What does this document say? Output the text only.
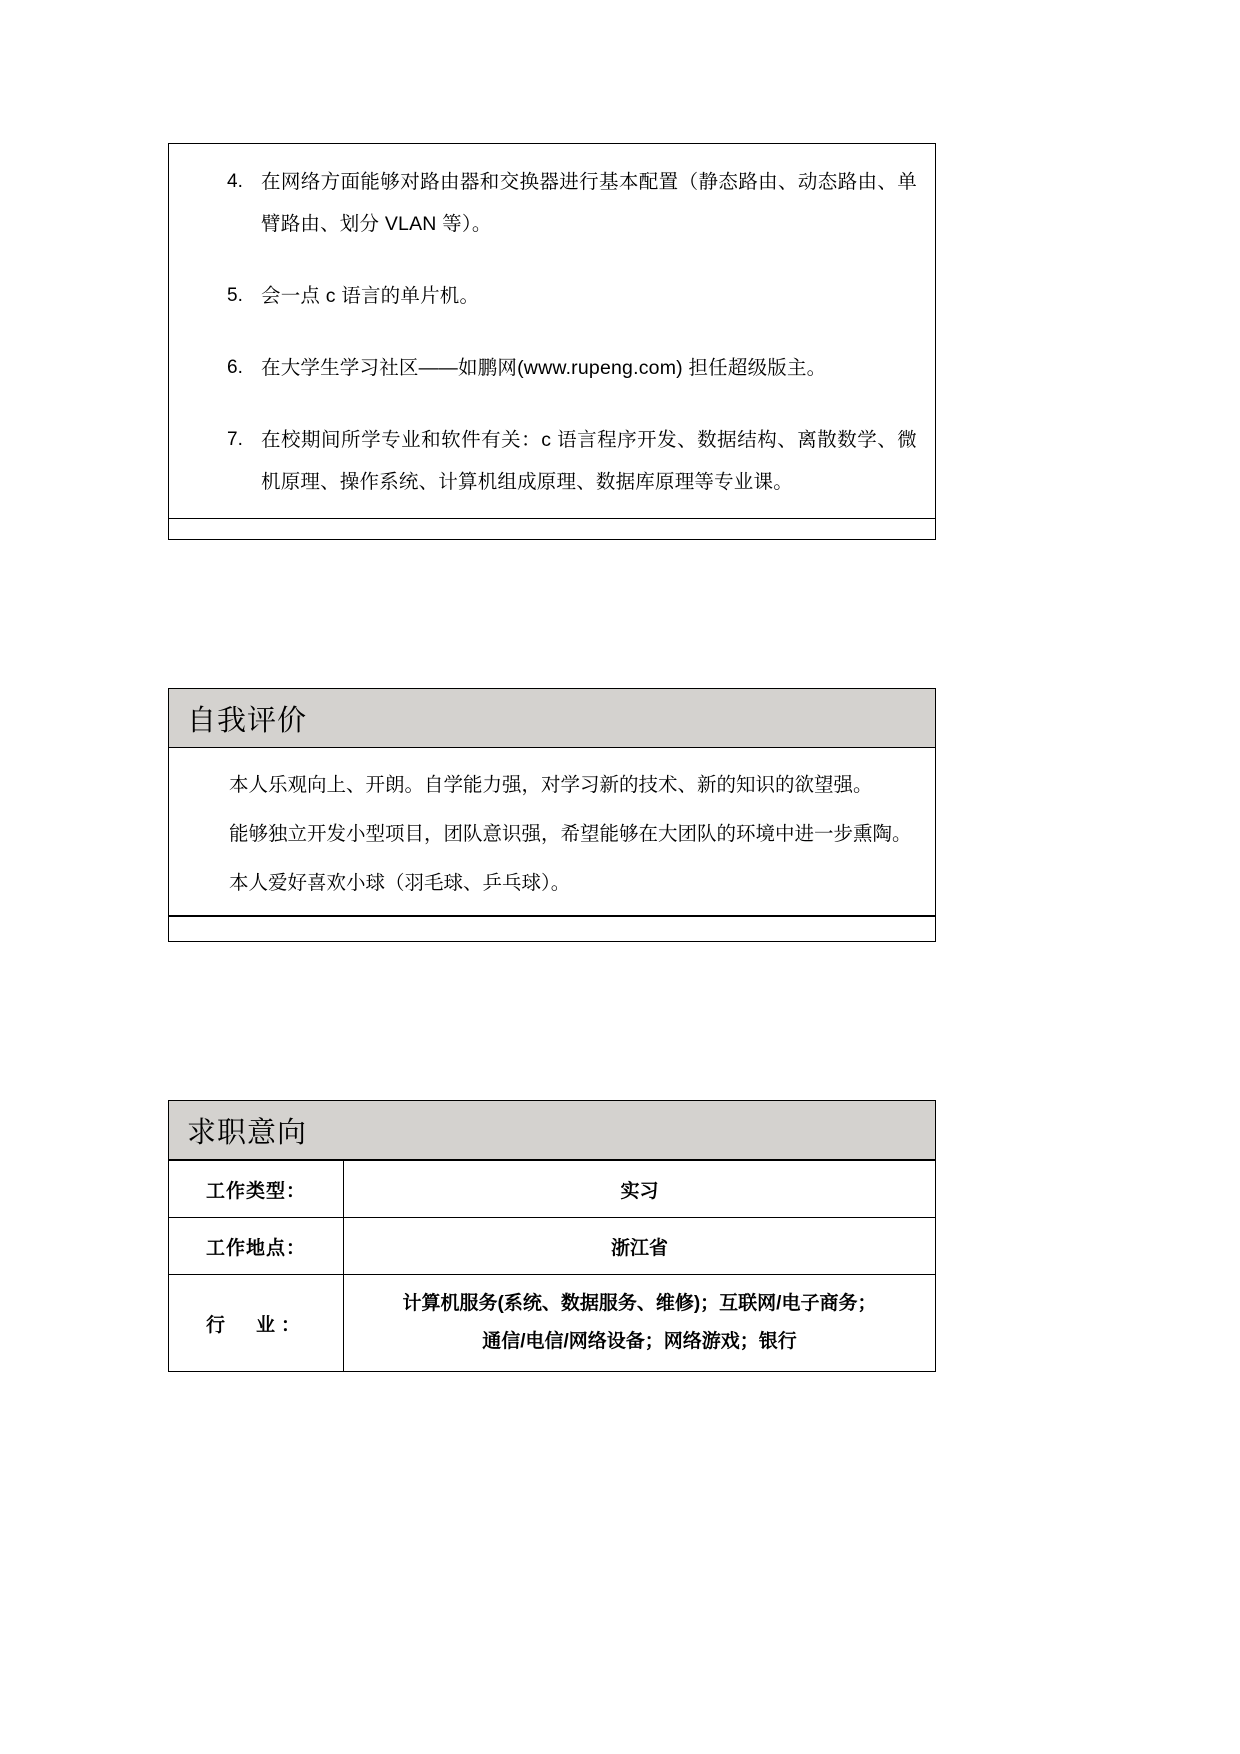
4. 在网络方面能够对路由器和交换器进行基本配置（静态路由、动态路由、单臂路由、划分 VLAN 等）。
5. 会一点 c 语言的单片机。
6. 在大学生学习社区——如鹏网(www.rupeng.com) 担任超级版主。
7. 在校期间所学专业和软件有关：c 语言程序开发、数据结构、离散数学、微机原理、操作系统、计算机组成原理、数据库原理等专业课。
自我评价

本人乐观向上、开朗。自学能力强，对学习新的技术、新的知识的欲望强。

能够独立开发小型项目，团队意识强，希望能够在大团队的环境中进一步熏陶。

本人爱好喜欢小球（羽毛球、乒乓球）。

求职意向
工作类型：	实习
工作地点：	浙江省
行　业：	计算机服务(系统、数据服务、维修)；互联网/电子商务；
通信/电信/网络设备；网络游戏；银行
